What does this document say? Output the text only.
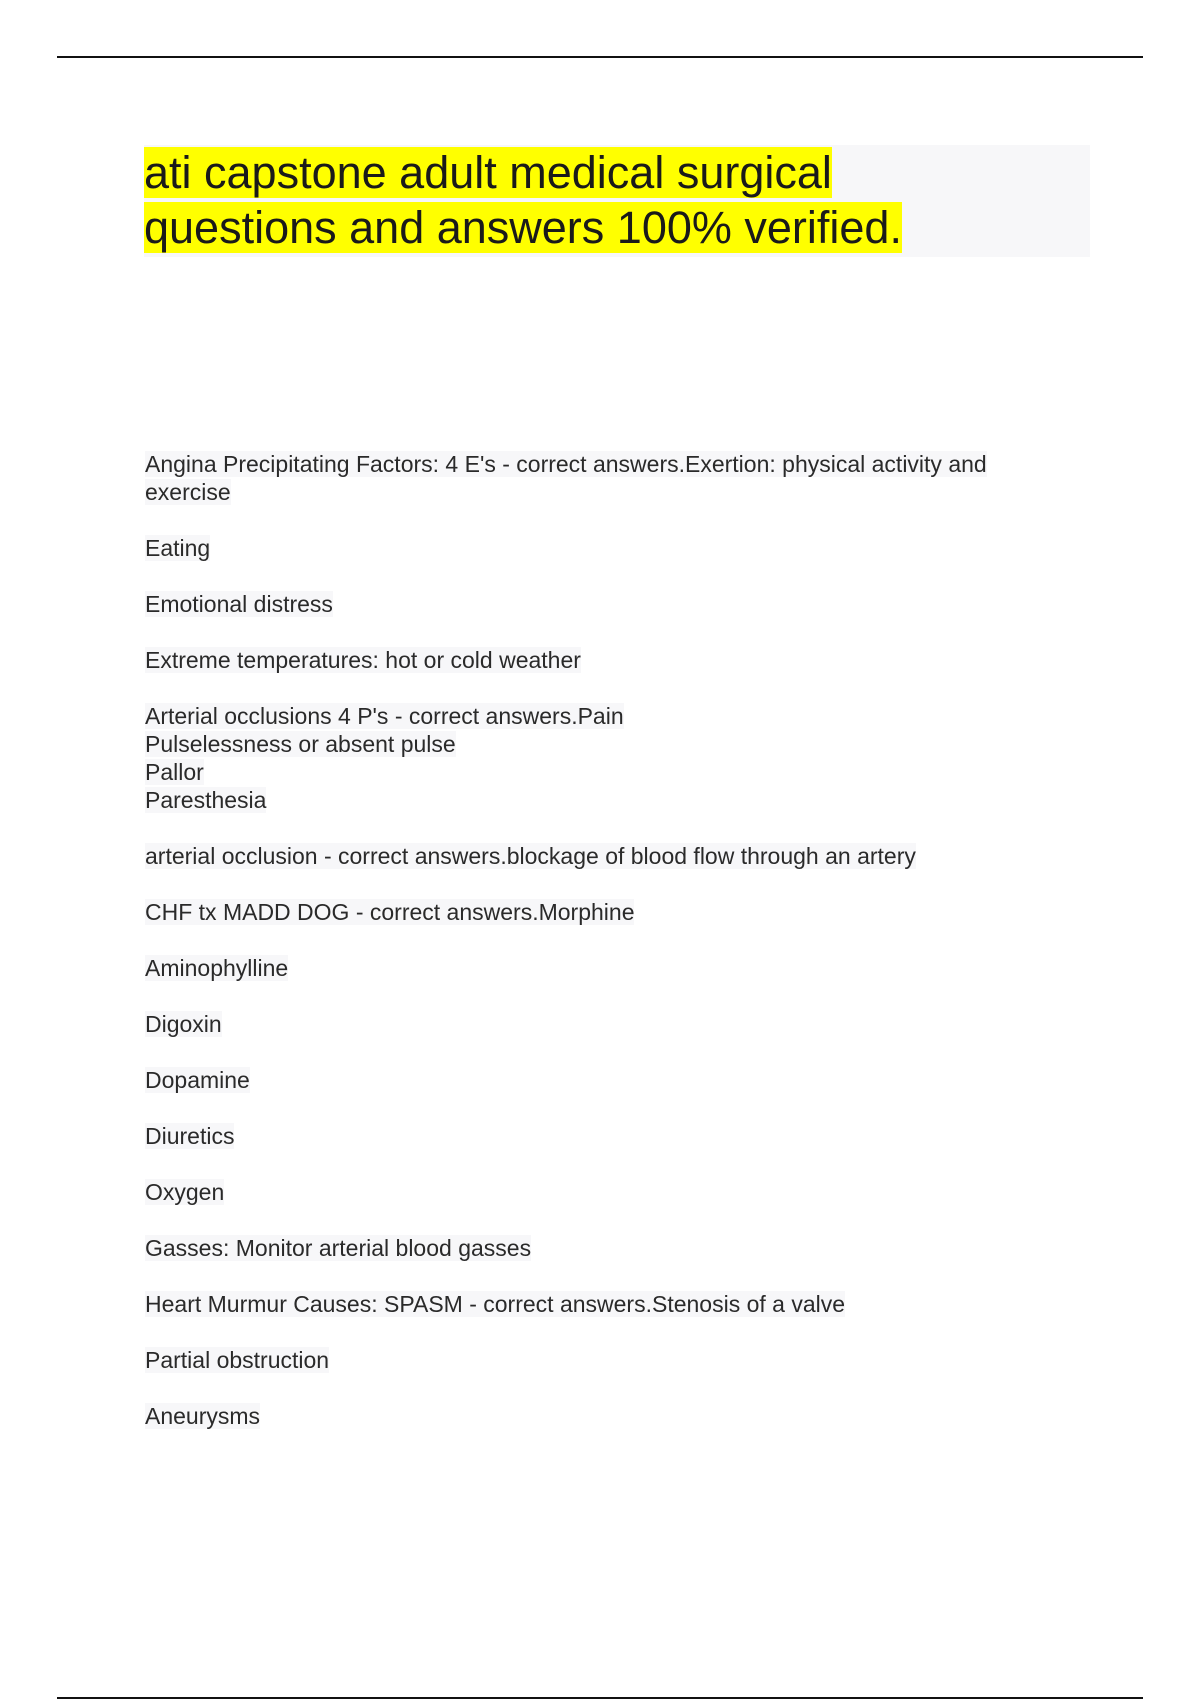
ati capstone adult medical surgical
questions and answers 100% verified.

Angina Precipitating Factors: 4 E's - correct answers.Exertion: physical activity and
exercise

Eating

Emotional distress

Extreme temperatures: hot or cold weather

Arterial occlusions 4 P's - correct answers.Pain
Pulselessness or absent pulse
Pallor
Paresthesia

arterial occlusion - correct answers.blockage of blood flow through an artery

CHF tx MADD DOG - correct answers.Morphine

Aminophylline

Digoxin

Dopamine

Diuretics

Oxygen

Gasses: Monitor arterial blood gasses

Heart Murmur Causes: SPASM - correct answers.Stenosis of a valve

Partial obstruction

Aneurysms
